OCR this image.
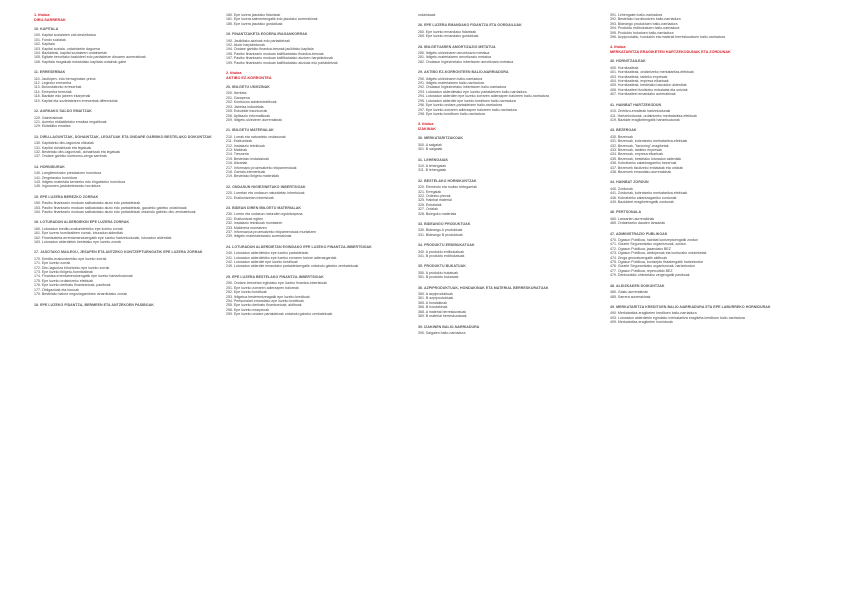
1. titulua
DIRU-SARRERAK
10. KAPITALA
100. Kapital sozialaren zati deskribatua
101. Fondo sozialak
102. Kapitala
103. Kapital soziala, ordaintzeke dagoena
104. Bazkideak, kapital sozialaren ordainketak
105. Egitate beroritako bazkideei edo partaidetze diruaren aurrerakinak
106. Kapitala mugatuak eskatutako kapitala ordaindu gabe
11. ERRESERBAK
110. Jaulkipen- edo berraginatze-prima
112. Legezko erreserba
113. Borondatezko erreserbak
114. Erreserba bereziak
118. Bazkide edo jabeen ekarpenak
119. Kapital eta sozietatearen erreserbak diferentziak
12. AURKAKO SALDO EMAITZAK
120. Gainerakinak
121. Aurreko ekitaldietako emaitza negatiboak
129. Ekitaldiko emaitza
13. DIRU-LAGUNTZAK, DOHAINTZAK, LEGATUAK ETA ONDARE GARBIKO BESTELAKO DOIKUNTZAK
130. Kapitaleko diru-laguntza ofizialak
131. Kapital dohaintzak eta legatuak
132. Bestelako diru-laguntzak, dohaintzak eta legatuak
137. Ondare garbiko kontsumo-zerga sarrerak
14. HORNIDURAK
140. Langileentzako prestazioen hornidura
141. Zergetarako hornidura
143. Ibilgetu materiala kentzeko edo birgaitzeko hornidura
145. Ingurumen-jarduketetarako hornidura
15. EPE LUZERA BEREZKO ZORRAK
150. Pasibo finantzario moduan sailkatutako akzio edo partaidetzak
153. Pasibo finantzario moduan sailkatutako akzio edo partaidetzak, gaudeko gabeko ordainkaak
154. Pasibo finantzario moduan sailkatutako akzio edo partaidetzak ordaindu gabeko diru zenbatekoak
16. LOTURADUN ALDERDIEKIN EPE LUZERA ZORRAK
160. Loturadun kreditu-erakundeekiko epe luzeko zorrak
161. Epe luzera hornitzaileen zorrak, loturadun alderdiak
162. Finantzaketa-errentamenduengatik epe luzeko hartzekodunak, loturadun alderdiak
163. Loturadun alderdiekin bestelako epe luzeko zorrak
17. JASOTAKO MAILEGU, JESAPEN ETA ANTZEKO KONTZEPTUENGATIK EPE LUZERA ZORRAK
170. Kreditu-erakundeekiko epe luzeko zorrak
171. Epe luzeko zorrak
172. Diru-laguntza bihurtzeko epe luzeko zorrak
173. Epe luzeko ibilgetu-hornitzaileak
174. Finantza-errentamenduengatik epe luzeko hartzekodunak
175. Epe luzeko ordaintzeko efektuak
176. Epe luzeko deribatu finantzarioak, pasiboak
177. Obligazioak eta bonuak
179. Bestelako balore negoziagarrietan oinarritutako zorrak
18. EPE LUZEKO FIDANTZA, BERMEEN ETA ANTZEKOEN PASIBOAK
180. Epe luzera jasotako fidantzak
181. Epe luzera salmentengatik edo jasotako aurrerakinak
185. Epe luzera jasotako gordailuak
19. FINANTZAKETA EGOERA IRAGANKORRAK
190. Jaulkitako akzioak edo partaidetzak
192. Akzio harpidedunak
194. Ondare garbiko finantza-tresnak jaulkitako kapitala
195. Pasibo finantzario moduan kalifikatutako finantza-tresnak
197. Pasibo finantzario moduan kalifikatutako akzioen harpidedunak
199. Pasibo finantzario moduan kalifikatutako akzioak edo partaidetzak
2. titulua
AKTIBO EZ-KORRONTEA
20. IBILGETU UKIEZINAK
200. Ikerketa
201. Garapena
202. Kontsiono administratiboak
203. Jabetza industriala
205. Eskubide iraunkorrak
206. Aplikazio informatikoak
209. Ibilgetu ukiezinen aurrerakinak
21. IBILGETU MATERIALAK
210. Lurrak eta naturaleko ondasunak
211. Eraikuntzak
212. Instalazio teknikoak
213. Makinak
214. Tresneria
215. Bestelako instalazioak
216. Altzariak
217. Informazio prozesatzeko ekipamenduak
218. Garraio-elementuak
219. Bestelako ibilgetu materialak
22. ONDASUN HIGIEZINETAKO INBERTSIOAK
220. Lurretan eta ondasun naturaletan inbertsioak
221. Eraikuntzetan inbertsioak
23. BIDEAN DIREN IBILGETU MATERIALAK
230. Lurren eta ondasun naturalen egokitzapena
231. Eraikuntzak egiten
232. Instalazio teknikoak muntatzen
233. Makineria muntatzen
237. Informazioa prozesatzeko ekipamenduak muntatzen
239. Ibilgetu materialetarako aurrerakinak
24. LOTURADUN ALDERDIETAN EGINDAKO EPE LUZEKO FINANTZA-INBERTSIOAK
240. Loturadun alderdiekiko epe luzeko partaidetzak
241. Loturadun alderdiekiko epe luzeko zorraren balore adierazgarriak
242. Loturadun alderdiei epe luzeko kredituak
249. Loturadun alderdiei emandako partaidetzengatik ordaindu gabeko zenbatekoak
25. EPE LUZERA BESTELAKO FINANTZA-INBERTSIOAK
250. Ondare-tresnetan egindako epe luzeko finantza-inbertsioak
251. Epe luzeko zorraren adierazpen baloreak
252. Epe luzeko kredituak
253. Ibilgetua besterentzeagatik epe luzeko kredituak
254. Pertsonalari emandako epe luzeko kredituak
255. Epe luzeko deribatu finantzarioak, aktiboak
256. Epe luzeko ezarpenak
259. Epe luzeko ondare partaidetzak ordaindu gabeko zenbatekoak
ordainkaak
26. EPE LUZERA EMANDAKO FIDANTZA ETA GORDAILUAK
260. Epe luzeko emandako fidantzak
265. Epe luzeko emandako gordailuak
28. IBILGETUAREN AMORTIZAZIO METATUA
280. Ibilgetu ukiezinaren amortizazio metatua
281. Ibilgetu materialaren amortizazio metatua
282. Ondasun higiezinetako inbertsioen amortizazio metatua
29. AKTIBO EZ-KORRONTEEN BALIO-NARRIADURA
290. Ibilgetu ukiezinaren balio-narriadura
291. Ibilgetu materialaren balio-narriadura
292. Ondasun higiezinetako inbertsioen balio-narriadura
293. Loturadun alderdietako epe luzeko partaidetzen balio-narriadura
294. Loturadun alderdien epe luzeko zorraren adierazpen baloreen balio-narriadura
295. Loturadun alderdiei epe luzeko kredituen balio-narriadura
296. Epe luzeko ondare-partaidetzen balio-narriadura
297. Epe luzeko zorraren adierazpen baloreen balio-narriadura
298. Epe luzeko kredituen balio-narriadura
3. titulua
IZAKINAK
30. MERKATARITZAKOAK
300. A salgaiak
301. B salgaiak
31. LEHENGAIAK
310. A lehengaiak
311. B lehengaiak
32. BESTELAKO HORNIKUNTZAK
320. Elementu eta multzo birtegarriak
321. Erregaiak
322. Ordezko piezak
325. Hainbat material
326. Enbalaiak
327. Ontziak
328. Bulegoko materiala
33. BIDEANGO PRODUKTUAK
330. Bideango A produktuak
331. Bideango B produktuak
34. PRODUKTU ERDIBUKATUAK
340. A produktu erdibukatuak
341. B produktu erdibukatuak
35. PRODUKTU BUKATUAK
350. A produktu bukatuak
351. B produktu bukatuak
36. AZPIPRODUKTUAK, HONDAKINAK ETA MATERIAL BERRESKURATUAK
360. A azpiproduktuak
361. B azpiproduktuak
365. A hondakinak
366. B hondakinak
368. A material berreskuratuak
369. B material berreskuratuak
39. IZAKINEN BALIO-NARRIADURA
390. Salgaien balio-narriadura
391. Lehengaien balio-narriadura
392. Bestelako hornikuntzen balio-narriadura
393. Bideango produktuen balio-narriadura
394. Produktu erdibukatuen balio-narriadura
395. Produktu bukatuen balio-narriadura
396. Azpiproduktu, hondakin eta material berreskuratuen balio-narriadura
4. titulua
MERKATARITZA ERAGIKETEN HARTZEKODUNAK ETA ZORDUNAK
40. HORNITZAILEAK
400. Hornitzaileak
401. Hornitzaileak, ordaintzeko merkataritza-efektuak
403. Hornitzaileak, taldeko enpresak
404. Hornitzaileak, enpresa elkartuak
405. Hornitzaileak, bestelako loturadun alderdiak
406. Hornitzaileei itzultzeko enbalaiak eta ontziak
407. Hornitzaileei emandako aurrerakinak
41. HAINBAT HARTZEKODUN
410. Zerbitzu-emaileak hartzekodunak
411. Hartzekodunak, ordaintzeko merkataritza-efektuak
419. Bazkide eragiketengatik hartzekodunak
43. BEZEROAK
430. Bezeroak
431. Bezeroak, kobratzeko merkataritza-efektuak
432. Bezeroak, "factoring"-eragiketak
433. Bezeroak, taldeko enpresak
434. Bezeroak, enpresa elkartuak
435. Bezeroak, bestelako loturadun alderdiak
436. Kobratzeko zalantzagarriko bezeroak
437. Bezeroek itzultzeko enbalaiak eta ontziak
438. Bezeroek emandako aurrerakinak
44. HAINBAT ZORDUN
440. Zordunak
441. Zordunak, kobratzeko merkataritza-efektuak
446. Kobratzeko zalantzagarriko zordunak
449. Bazkideei eragiketengatik zordunak
46. PERTSONALA
460. Lansarien aurrerakinak
465. Ordaintzeko dauden lansariak
47. ADMINISTRAZIO PUBLIKOAK
470. Ogasun Publikoa, hainbat kontzeptuengatik zordun
471. Gizarte Segurantzako organismoak, zordun
472. Ogasun Publikoa, jasandako BEZ
473. Ogasun Publikoa, atxikipenak eta konturako ordainketak
474. Zerga geroratuengatik aktiboak
475. Ogasun Publikoa, kontzeptu fiskalengatik hartzekodun
476. Gizarte Segurantzako organismoak, hartzekodun
477. Ogasun Publikoa, repercutido BEZ
479. Denboraldiz ohiezetako zergengatik pasiboak
48. ALDIZKAKEN DOIKUNTZAK
480. Gastu aurrerakinak
485. Sarrera aurrerakinak
49. MERKATARITZA KREDITUEN BALIO-NARRIADURA ETA EPE LABURREKO HORNIDURAK
490. Merkataritza-eragiketen kredituen balio-narriadura
493. Loturadun alderdiekin egindako merkataritza eragiketa kredituen balio-narriadura
499. Merkataritza-eragiketen hornidurak
